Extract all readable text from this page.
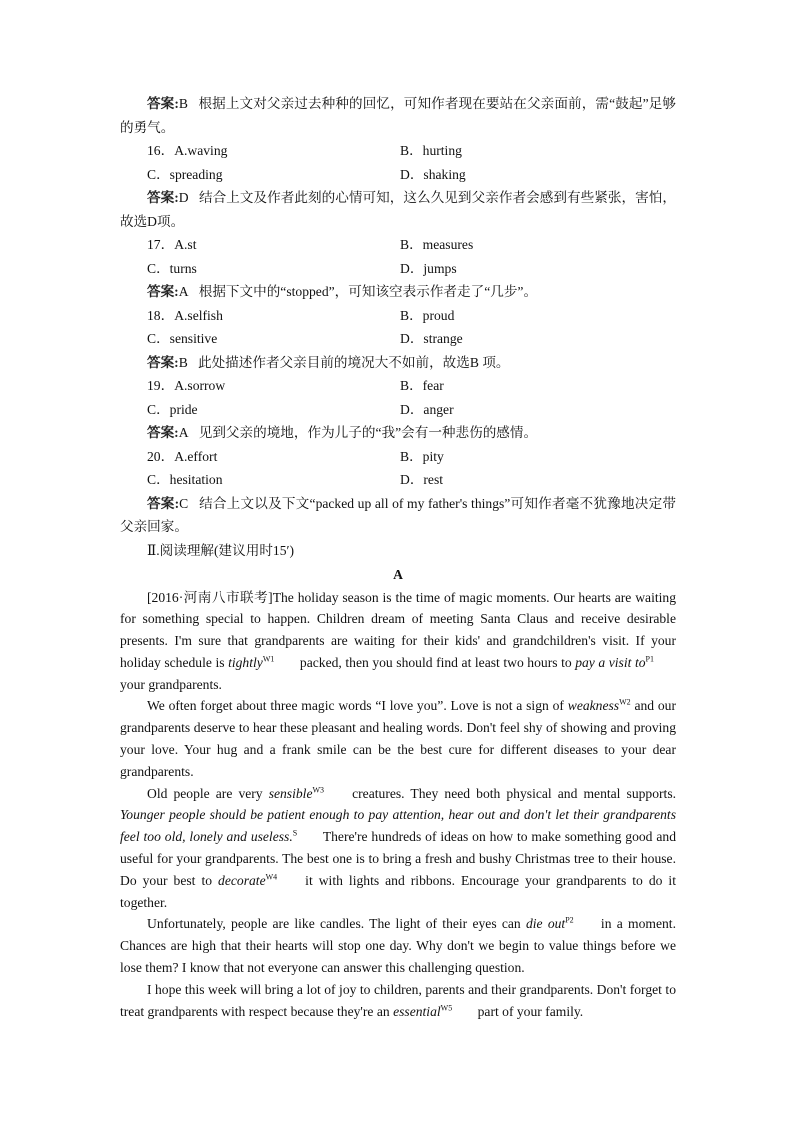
答案:B 根据上文对父亲过去种种的回忆，可知作者现在要站在父亲面前，需“鼓起”足够的勇气。

16．A.waving	B．hurting
C．spreading	D．shaking

答案:D 结合上文及作者此刻的心情可知，这么久见到父亲作者会感到有些紧张，害怕，故选D项。

17．A.st	B．measures
C．turns	D．jumps

答案:A 根据下文中的“stopped”，可知该空表示作者走了“几步”。

18．A.selfish	B．proud
C．sensitive	D．strange

答案:B 此处描述作者父亲目前的境况大不如前，故选B 项。

19．A.sorrow	B．fear
C．pride	D．anger

答案:A 见到父亲的境地，作为儿子的“我”会有一种悲伤的感情。

20．A.effort	B．pity
C．hesitation	D．rest

答案:C 结合上文以及下文“packed up all of my father's things”可知作者毫不犹豫地决定带父亲回家。

Ⅱ.阅读理解(建议用时15′)

A

[2016·河南八市联考]The holiday season is the time of magic moments. Our hearts are waiting for something special to happen. Children dream of meeting Santa Claus and receive desirable presents. I'm sure that grandparents are waiting for their kids' and grandchildren's visit. If your holiday schedule is tightly$^{W1}$ packed, then you should find at least two hours to pay a visit $to^{P1}$ your grandparents.

We often forget about three magic words “I love you”. Love is not a sign of weakness$^{W2}$ and our grandparents deserve to hear these pleasant and healing words. Don't feel shy of showing and proving your love. Your hug and a frank smile can be the best cure for different diseases to your dear grandparents.

Old people are very sensible$^{W3}$ creatures. They need both physical and mental supports. Younger people should be patient enough to pay attention, hear out and don't let their grandparents feel too old, lonely and useless.$^S$ There're hundreds of ideas on how to make something good and useful for your grandparents. The best one is to bring a fresh and bushy Christmas tree to their house. Do your best to decorate$^{W4}$ it with lights and ribbons. Encourage your grandparents to do it together.

Unfortunately, people are like candles. The light of their eyes can die out$^{P2}$ in a moment. Chances are high that their hearts will stop one day. Why don't we begin to value things before we lose them? I know that not everyone can answer this challenging question.

I hope this week will bring a lot of joy to children, parents and their grandparents. Don't forget to treat grandparents with respect because they're an essential$^{W5}$ part of your family.
